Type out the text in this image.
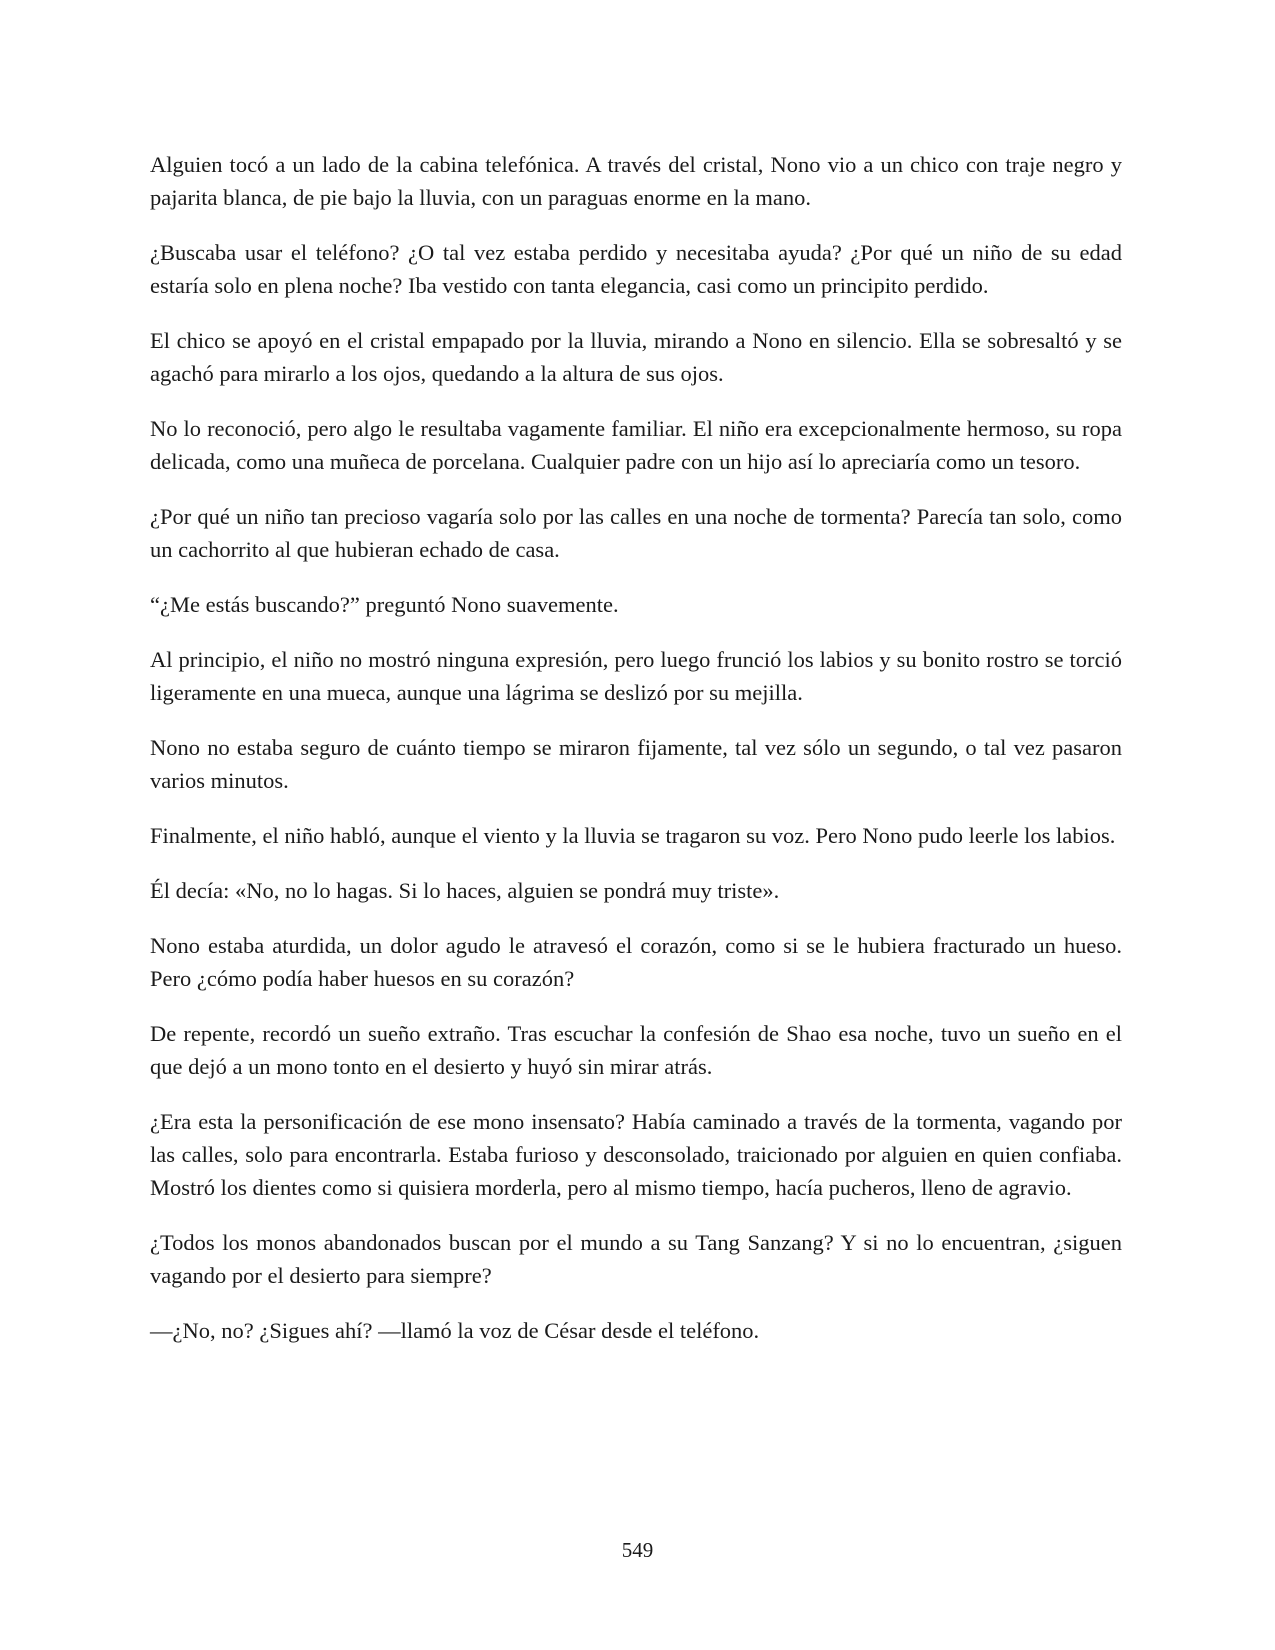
Alguien tocó a un lado de la cabina telefónica. A través del cristal, Nono vio a un chico con traje negro y pajarita blanca, de pie bajo la lluvia, con un paraguas enorme en la mano.

¿Buscaba usar el teléfono? ¿O tal vez estaba perdido y necesitaba ayuda? ¿Por qué un niño de su edad estaría solo en plena noche? Iba vestido con tanta elegancia, casi como un principito perdido.

El chico se apoyó en el cristal empapado por la lluvia, mirando a Nono en silencio. Ella se sobresaltó y se agachó para mirarlo a los ojos, quedando a la altura de sus ojos.

No lo reconoció, pero algo le resultaba vagamente familiar. El niño era excepcionalmente hermoso, su ropa delicada, como una muñeca de porcelana. Cualquier padre con un hijo así lo apreciaría como un tesoro.

¿Por qué un niño tan precioso vagaría solo por las calles en una noche de tormenta? Parecía tan solo, como un cachorrito al que hubieran echado de casa.

“¿Me estás buscando?” preguntó Nono suavemente.

Al principio, el niño no mostró ninguna expresión, pero luego frunció los labios y su bonito rostro se torció ligeramente en una mueca, aunque una lágrima se deslizó por su mejilla.

Nono no estaba seguro de cuánto tiempo se miraron fijamente, tal vez sólo un segundo, o tal vez pasaron varios minutos.

Finalmente, el niño habló, aunque el viento y la lluvia se tragaron su voz. Pero Nono pudo leerle los labios.

Él decía: «No, no lo hagas. Si lo haces, alguien se pondrá muy triste».

Nono estaba aturdida, un dolor agudo le atravesó el corazón, como si se le hubiera fracturado un hueso. Pero ¿cómo podía haber huesos en su corazón?

De repente, recordó un sueño extraño. Tras escuchar la confesión de Shao esa noche, tuvo un sueño en el que dejó a un mono tonto en el desierto y huyó sin mirar atrás.

¿Era esta la personificación de ese mono insensato? Había caminado a través de la tormenta, vagando por las calles, solo para encontrarla. Estaba furioso y desconsolado, traicionado por alguien en quien confiaba. Mostró los dientes como si quisiera morderla, pero al mismo tiempo, hacía pucheros, lleno de agravio.

¿Todos los monos abandonados buscan por el mundo a su Tang Sanzang? Y si no lo encuentran, ¿siguen vagando por el desierto para siempre?

—¿No, no? ¿Sigues ahí? —llamó la voz de César desde el teléfono.

549
